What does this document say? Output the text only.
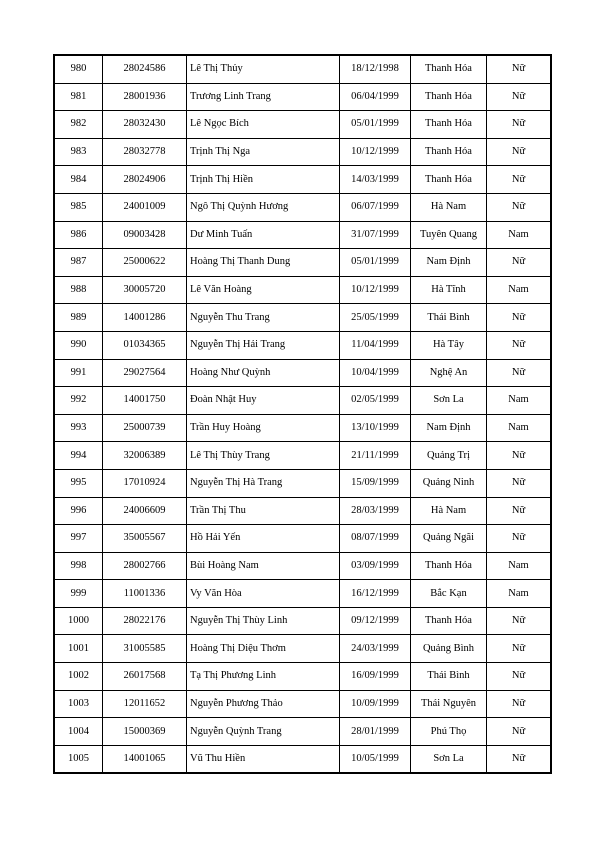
980	28024586	Lê Thị Thủy	18/12/1998	Thanh Hóa	Nữ
981	28001936	Trương Linh Trang	06/04/1999	Thanh Hóa	Nữ
982	28032430	Lê Ngọc Bích	05/01/1999	Thanh Hóa	Nữ
983	28032778	Trịnh Thị Nga	10/12/1999	Thanh Hóa	Nữ
984	28024906	Trịnh Thị Hiền	14/03/1999	Thanh Hóa	Nữ
985	24001009	Ngô Thị Quỳnh Hương	06/07/1999	Hà Nam	Nữ
986	09003428	Dư Minh Tuấn	31/07/1999	Tuyên Quang	Nam
987	25000622	Hoàng Thị Thanh Dung	05/01/1999	Nam Định	Nữ
988	30005720	Lê Văn Hoàng	10/12/1999	Hà Tĩnh	Nam
989	14001286	Nguyễn Thu Trang	25/05/1999	Thái Bình	Nữ
990	01034365	Nguyễn Thị Hải Trang	11/04/1999	Hà Tây	Nữ
991	29027564	Hoàng Như Quỳnh	10/04/1999	Nghệ An	Nữ
992	14001750	Đoàn Nhật Huy	02/05/1999	Sơn La	Nam
993	25000739	Trần Huy Hoàng	13/10/1999	Nam Định	Nam
994	32006389	Lê Thị Thùy Trang	21/11/1999	Quảng Trị	Nữ
995	17010924	Nguyễn Thị Hà Trang	15/09/1999	Quảng Ninh	Nữ
996	24006609	Trần Thị Thu	28/03/1999	Hà Nam	Nữ
997	35005567	Hồ Hải Yến	08/07/1999	Quảng Ngãi	Nữ
998	28002766	Bùi Hoàng Nam	03/09/1999	Thanh Hóa	Nam
999	11001336	Vy Văn Hòa	16/12/1999	Bắc Kạn	Nam
1000	28022176	Nguyễn Thị Thùy Linh	09/12/1999	Thanh Hóa	Nữ
1001	31005585	Hoàng Thị Diệu Thơm	24/03/1999	Quảng Bình	Nữ
1002	26017568	Tạ Thị Phương Linh	16/09/1999	Thái Bình	Nữ
1003	12011652	Nguyễn Phương Thảo	10/09/1999	Thái Nguyên	Nữ
1004	15000369	Nguyễn Quỳnh Trang	28/01/1999	Phú Thọ	Nữ
1005	14001065	Vũ Thu Hiền	10/05/1999	Sơn La	Nữ
